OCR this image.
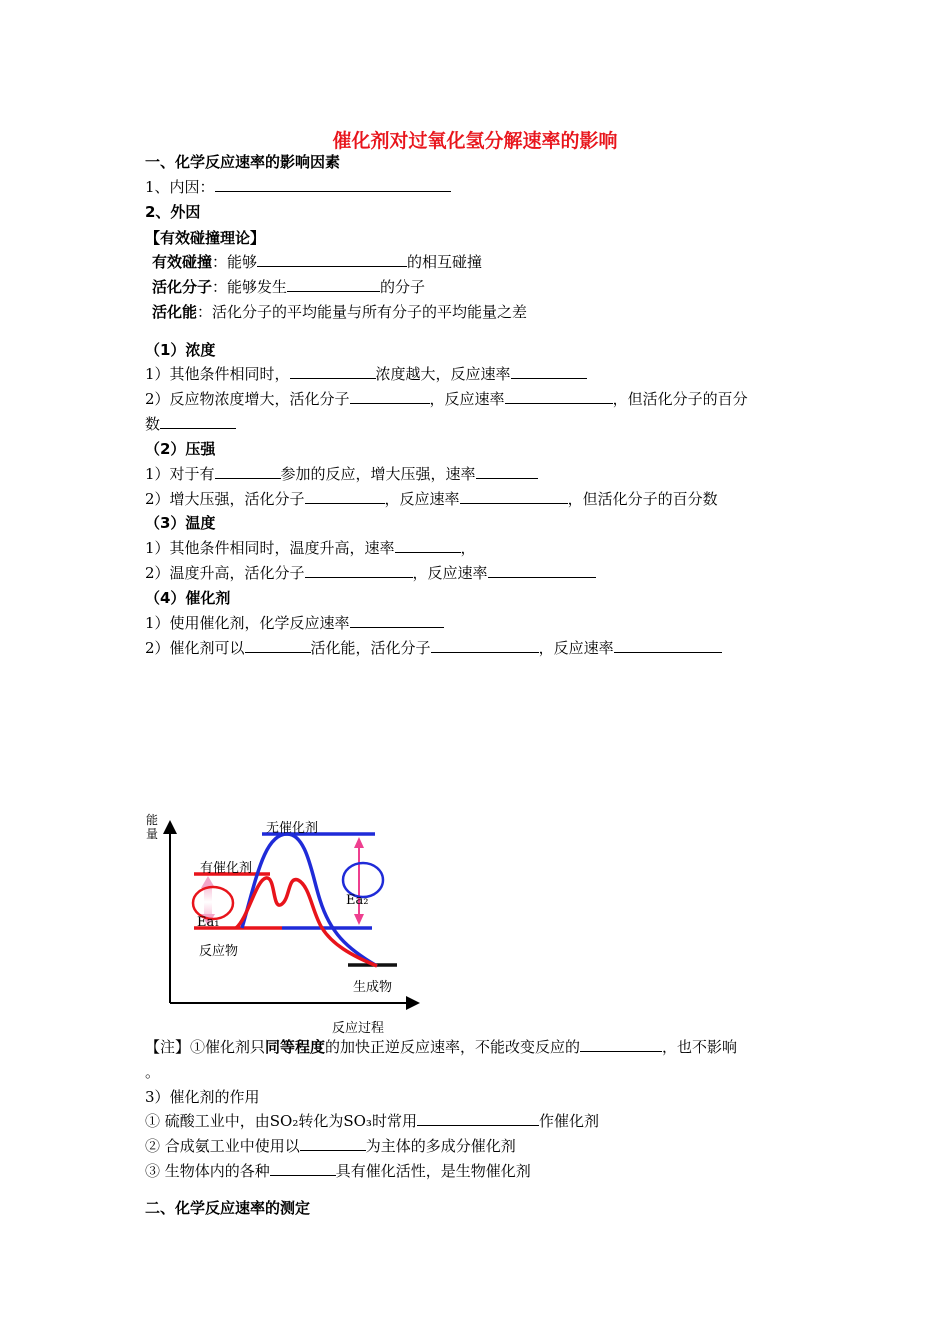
催化剂对过氧化氢分解速率的影响
一、化学反应速率的影响因素
1、内因：
2、外因
【有效碰撞理论】
有效碰撞：能够	的相互碰撞
活化分子：能够发生	的分子
活化能：活化分子的平均能量与所有分子的平均能量之差
（1）浓度
1）其他条件相同时，	浓度越大，反应速率
2）反应物浓度增大，活化分子	，反应速率	，但活化分子的百分
数
（2）压强
1）对于有	参加的反应，增大压强，速率
2）增大压强，活化分子	，反应速率	，但活化分子的百分数
（3）温度
1）其他条件相同时，温度升高，速率	，
2）温度升高，活化分子	，反应速率
（4）催化剂
1）使用催化剂，化学反应速率
2）催化剂可以	活化能，活化分子	，反应速率
能
量	无催化剂
有催化剂
Ea₁
Ea₂
反应物
生成物
反应过程
【注】①催化剂只同等程度的加快正逆反应速率，不能改变反应的	，也不影响
。
3）催化剂的作用
① 硫酸工业中，由SO₂转化为SO₃时常用	作催化剂
② 合成氨工业中使用以	为主体的多成分催化剂
③ 生物体内的各种	具有催化活性，是生物催化剂
二、化学反应速率的测定
